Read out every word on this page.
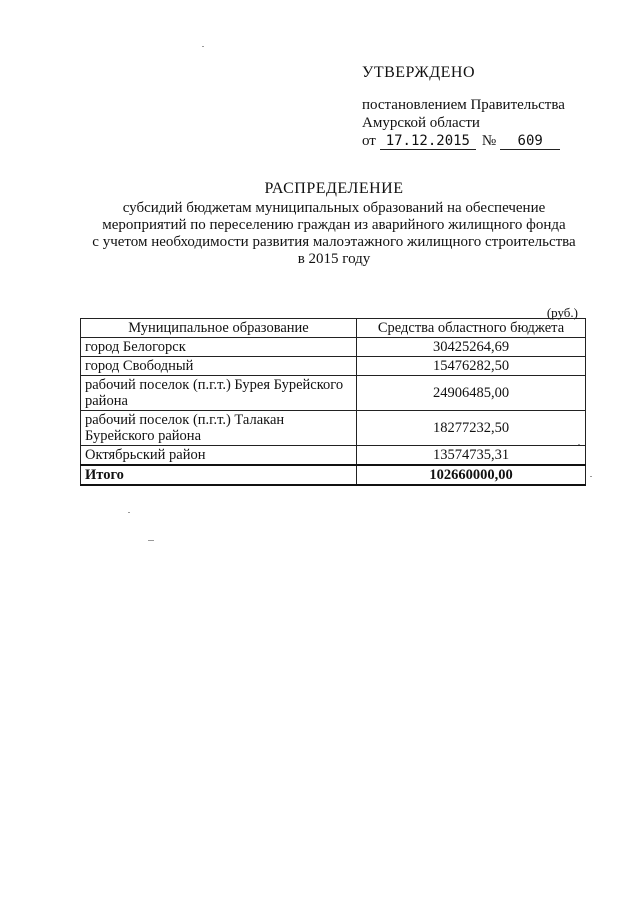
УТВЕРЖДЕНО
постановлением Правительства
Амурской области
от 17.12.2015 №	609
РАСПРЕДЕЛЕНИЕ
субсидий бюджетам муниципальных образований на обеспечение
мероприятий по переселению граждан из аварийного жилищного фонда
с учетом необходимости развития малоэтажного жилищного строительства
в 2015 году
(руб.)
Муниципальное образование	Средства областного бюджета
город Белогорск	30425264,69
город Свободный	15476282,50
рабочий поселок (п.г.т.) Бурея Бурейского района	24906485,00
рабочий поселок (п.г.т.) Талакан Бурейского района	18277232,50
Октябрьский район	13574735,31
Итого	102660000,00
